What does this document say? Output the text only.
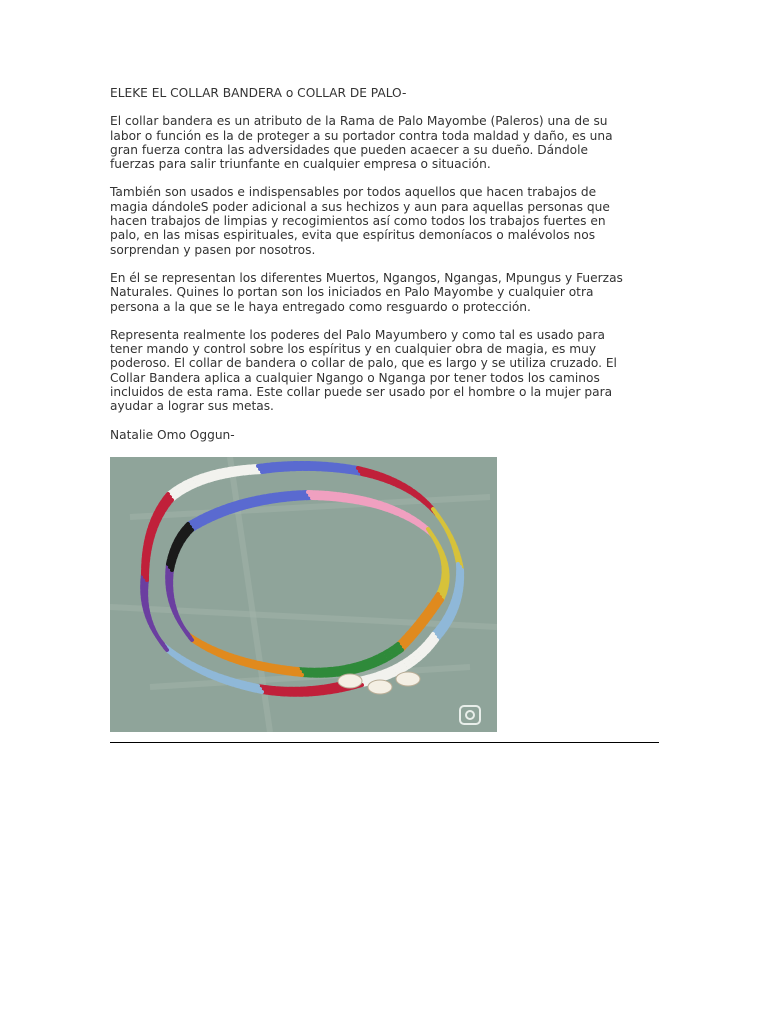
ELEKE EL COLLAR BANDERA o COLLAR DE PALO-

El collar bandera es un atributo de la Rama de Palo Mayombe (Paleros) una de su
labor o función es la de proteger a su portador contra toda maldad y daño, es una
gran fuerza contra las adversidades que pueden acaecer a su dueño. Dándole
fuerzas para salir triunfante en cualquier empresa o situación.

También son usados e indispensables por todos aquellos que hacen trabajos de
magia dándoleS poder adicional a sus hechizos y aun para aquellas personas que
hacen trabajos de limpias y recogimientos así como todos los trabajos fuertes en
palo, en las misas espirituales, evita que espíritus demoníacos o malévolos nos
sorprendan y pasen por nosotros.

En él se representan los diferentes Muertos, Ngangos, Ngangas, Mpungus y Fuerzas
Naturales. Quines lo portan son los iniciados en Palo Mayombe y cualquier otra
persona a la que se le haya entregado como resguardo o protección.

Representa realmente los poderes del Palo Mayumbero y como tal es usado para
tener mando y control sobre los espíritus y en cualquier obra de magia, es muy
poderoso. El collar de bandera o collar de palo, que es largo y se utiliza cruzado. El
Collar Bandera aplica a cualquier Ngango o Nganga por tener todos los caminos
incluidos de esta rama. Este collar puede ser usado por el hombre o la mujer para
ayudar a lograr sus metas.

Natalie Omo Oggun-
